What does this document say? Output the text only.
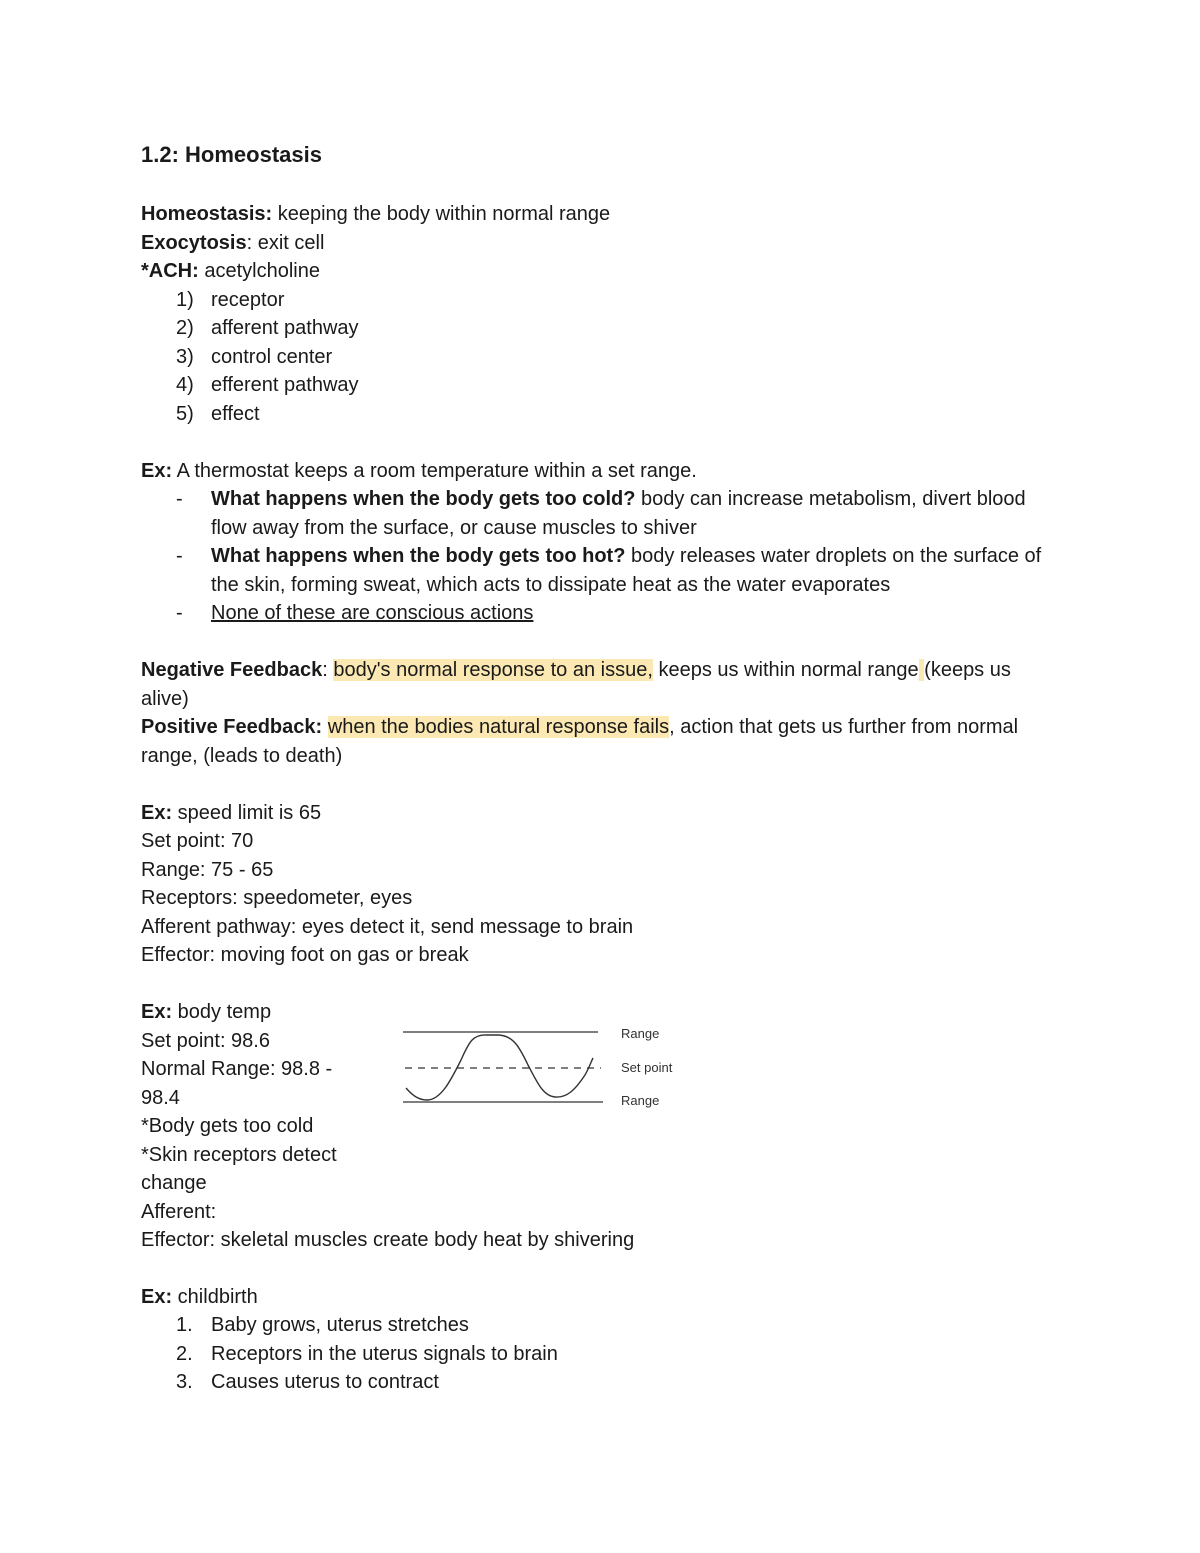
1.2: Homeostasis

Homeostasis: keeping the body within normal range

Exocytosis: exit cell

*ACH: acetylcholine

1) receptor
2) afferent pathway
3) control center
4) efferent pathway
5) effect

Ex: A thermostat keeps a room temperature within a set range.

- What happens when the body gets too cold? body can increase metabolism, divert blood flow away from the surface, or cause muscles to shiver
- What happens when the body gets too hot? body releases water droplets on the surface of the skin, forming sweat, which acts to dissipate heat as the water evaporates
- None of these are conscious actions

Negative Feedback: body's normal response to an issue, keeps us within normal range (keeps us alive)

Positive Feedback: when the bodies natural response fails, action that gets us further from normal range, (leads to death)

Ex: speed limit is 65

Set point: 70

Range: 75 - 65

Receptors: speedometer, eyes

Afferent pathway: eyes detect it, send message to brain

Effector: moving foot on gas or break

Ex: body temp

Set point: 98.6

Normal Range: 98.8 - 98.4

*Body gets too cold

*Skin receptors detect change

Afferent:

Effector: skeletal muscles create body heat by shivering

Range
Set point
Range

Ex: childbirth

1. Baby grows, uterus stretches
2. Receptors in the uterus signals to brain
3. Causes uterus to contract
